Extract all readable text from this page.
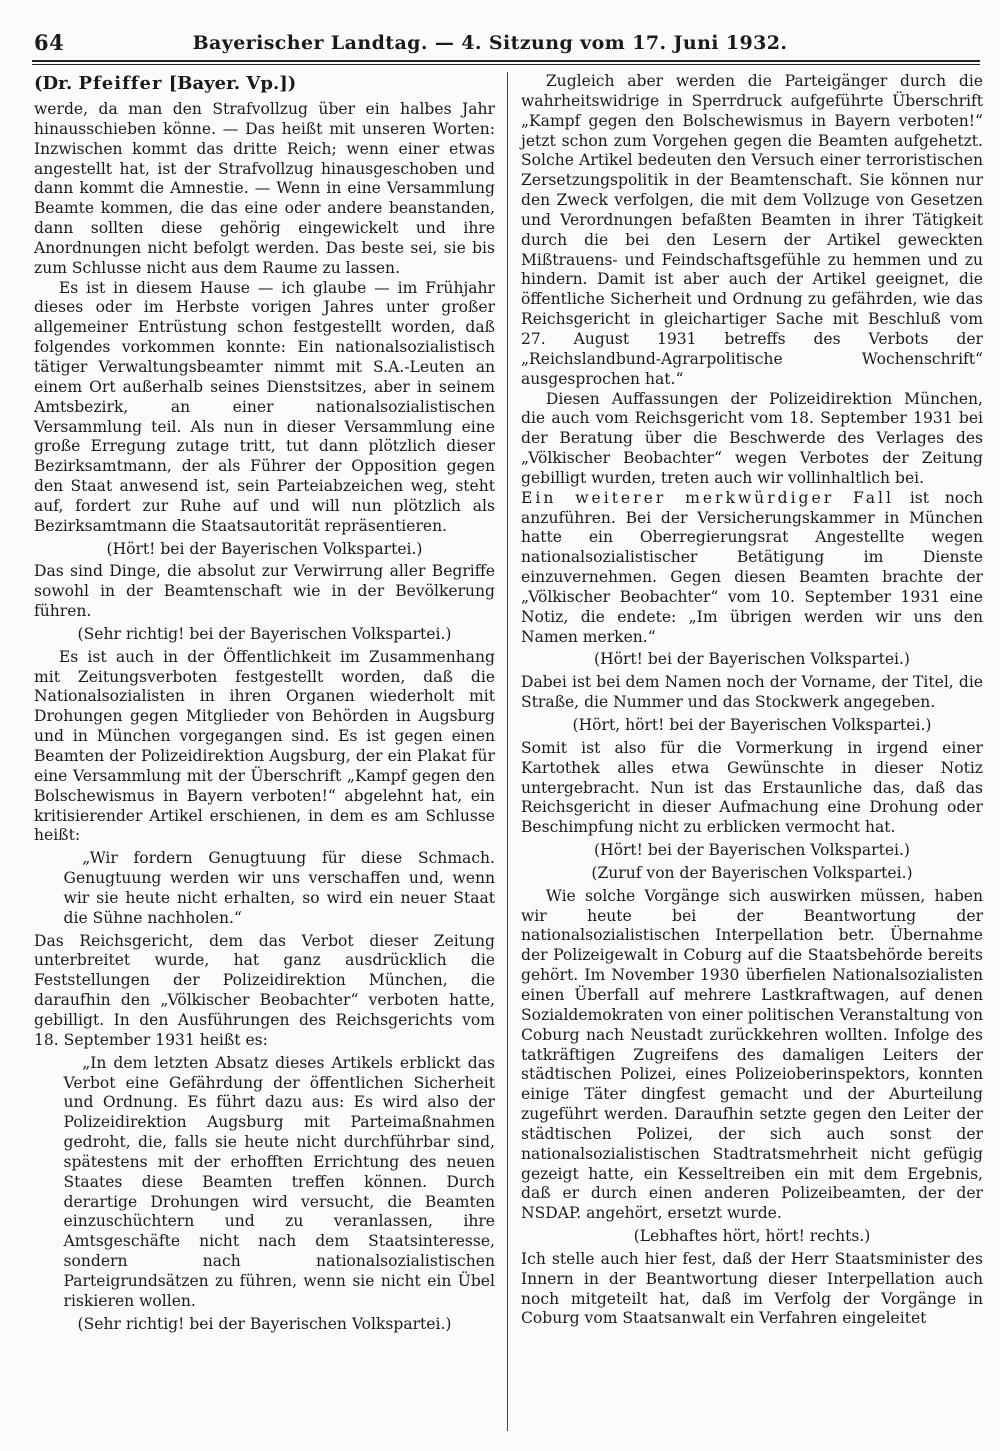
64	Bayerischer Landtag. — 4. Sitzung vom 17. Juni 1932.
(Dr. Pfeiffer [Bayer. Vp.])

werde, da man den Strafvollzug über ein halbes Jahr hinausschieben könne. — Das heißt mit unseren Worten: Inzwischen kommt das dritte Reich; wenn einer etwas angestellt hat, ist der Strafvollzug hinausgeschoben und dann kommt die Amnestie. — Wenn in eine Versammlung Beamte kommen, die das eine oder andere beanstanden, dann sollten diese gehörig eingewickelt und ihre Anordnungen nicht befolgt werden. Das beste sei, sie bis zum Schlusse nicht aus dem Raume zu lassen.

Es ist in diesem Hause — ich glaube — im Frühjahr dieses oder im Herbste vorigen Jahres unter großer allgemeiner Entrüstung schon festgestellt worden, daß folgendes vorkommen konnte: Ein nationalsozialistisch tätiger Verwaltungsbeamter nimmt mit S.A.-Leuten an einem Ort außerhalb seines Dienstsitzes, aber in seinem Amtsbezirk, an einer nationalsozialistischen Versammlung teil. Als nun in dieser Versammlung eine große Erregung zutage tritt, tut dann plötzlich dieser Bezirksamtmann, der als Führer der Opposition gegen den Staat anwesend ist, sein Parteiabzeichen weg, steht auf, fordert zur Ruhe auf und will nun plötzlich als Bezirksamtmann die Staatsautorität repräsentieren.

(Hört! bei der Bayerischen Volkspartei.)

Das sind Dinge, die absolut zur Verwirrung aller Begriffe sowohl in der Beamtenschaft wie in der Bevölkerung führen.

(Sehr richtig! bei der Bayerischen Volkspartei.)

Es ist auch in der Öffentlichkeit im Zusammenhang mit Zeitungsverboten festgestellt worden, daß die Nationalsozialisten in ihren Organen wiederholt mit Drohungen gegen Mitglieder von Behörden in Augsburg und in München vorgegangen sind. Es ist gegen einen Beamten der Polizeidirektion Augsburg, der ein Plakat für eine Versammlung mit der Überschrift „Kampf gegen den Bolschewismus in Bayern verboten!“ abgelehnt hat, ein kritisierender Artikel erschienen, in dem es am Schlusse heißt:

„Wir fordern Genugtuung für diese Schmach. Genugtuung werden wir uns verschaffen und, wenn wir sie heute nicht erhalten, so wird ein neuer Staat die Sühne nachholen.“

Das Reichsgericht, dem das Verbot dieser Zeitung unterbreitet wurde, hat ganz ausdrücklich die Feststellungen der Polizeidirektion München, die daraufhin den „Völkischer Beobachter“ verboten hatte, gebilligt. In den Ausführungen des Reichsgerichts vom 18. September 1931 heißt es:

„In dem letzten Absatz dieses Artikels erblickt das Verbot eine Gefährdung der öffentlichen Sicherheit und Ordnung. Es führt dazu aus: Es wird also der Polizeidirektion Augsburg mit Parteimaßnahmen gedroht, die, falls sie heute nicht durchführbar sind, spätestens mit der erhofften Errichtung des neuen Staates diese Beamten treffen können. Durch derartige Drohungen wird versucht, die Beamten einzuschüchtern und zu veranlassen, ihre Amtsgeschäfte nicht nach dem Staatsinteresse, sondern nach nationalsozialistischen Parteigrundsätzen zu führen, wenn sie nicht ein Übel riskieren wollen.

(Sehr richtig! bei der Bayerischen Volkspartei.)

Zugleich aber werden die Parteigänger durch die wahrheitswidrige in Sperrdruck aufgeführte Überschrift „Kampf gegen den Bolschewismus in Bayern verboten!“ jetzt schon zum Vorgehen gegen die Beamten aufgehetzt. Solche Artikel bedeuten den Versuch einer terroristischen Zersetzungspolitik in der Beamtenschaft. Sie können nur den Zweck verfolgen, die mit dem Vollzuge von Gesetzen und Verordnungen befaßten Beamten in ihrer Tätigkeit durch die bei den Lesern der Artikel geweckten Mißtrauens- und Feindschaftsgefühle zu hemmen und zu hindern. Damit ist aber auch der Artikel geeignet, die öffentliche Sicherheit und Ordnung zu gefährden, wie das Reichsgericht in gleichartiger Sache mit Beschluß vom 27. August 1931 betreffs des Verbots der „Reichslandbund-Agrarpolitische Wochenschrift“ ausgesprochen hat.“

Diesen Auffassungen der Polizeidirektion München, die auch vom Reichsgericht vom 18. September 1931 bei der Beratung über die Beschwerde des Verlages des „Völkischer Beobachter“ wegen Verbotes der Zeitung gebilligt wurden, treten auch wir vollinhaltlich bei.

Ein weiterer merkwürdiger Fall ist noch anzuführen. Bei der Versicherungskammer in München hatte ein Oberregierungsrat Angestellte wegen nationalsozialistischer Betätigung im Dienste einzuvernehmen. Gegen diesen Beamten brachte der „Völkischer Beobachter“ vom 10. September 1931 eine Notiz, die endete: „Im übrigen werden wir uns den Namen merken.“

(Hört! bei der Bayerischen Volkspartei.)

Dabei ist bei dem Namen noch der Vorname, der Titel, die Straße, die Nummer und das Stockwerk angegeben.

(Hört, hört! bei der Bayerischen Volkspartei.)

Somit ist also für die Vormerkung in irgend einer Kartothek alles etwa Gewünschte in dieser Notiz untergebracht. Nun ist das Erstaunliche das, daß das Reichsgericht in dieser Aufmachung eine Drohung oder Beschimpfung nicht zu erblicken vermocht hat.

(Hört! bei der Bayerischen Volkspartei.)

(Zuruf von der Bayerischen Volkspartei.)

Wie solche Vorgänge sich auswirken müssen, haben wir heute bei der Beantwortung der nationalsozialistischen Interpellation betr. Übernahme der Polizeigewalt in Coburg auf die Staatsbehörde bereits gehört. Im November 1930 überfielen Nationalsozialisten einen Überfall auf mehrere Lastkraftwagen, auf denen Sozialdemokraten von einer politischen Veranstaltung von Coburg nach Neustadt zurückkehren wollten. Infolge des tatkräftigen Zugreifens des damaligen Leiters der städtischen Polizei, eines Polizeioberinspektors, konnten einige Täter dingfest gemacht und der Aburteilung zugeführt werden. Daraufhin setzte gegen den Leiter der städtischen Polizei, der sich auch sonst der nationalsozialistischen Stadtratsmehrheit nicht gefügig gezeigt hatte, ein Kesseltreiben ein mit dem Ergebnis, daß er durch einen anderen Polizeibeamten, der der NSDAP. angehört, ersetzt wurde.

(Lebhaftes hört, hört! rechts.)

Ich stelle auch hier fest, daß der Herr Staatsminister des Innern in der Beantwortung dieser Interpellation auch noch mitgeteilt hat, daß im Verfolg der Vorgänge in Coburg vom Staatsanwalt ein Verfahren eingeleitet
